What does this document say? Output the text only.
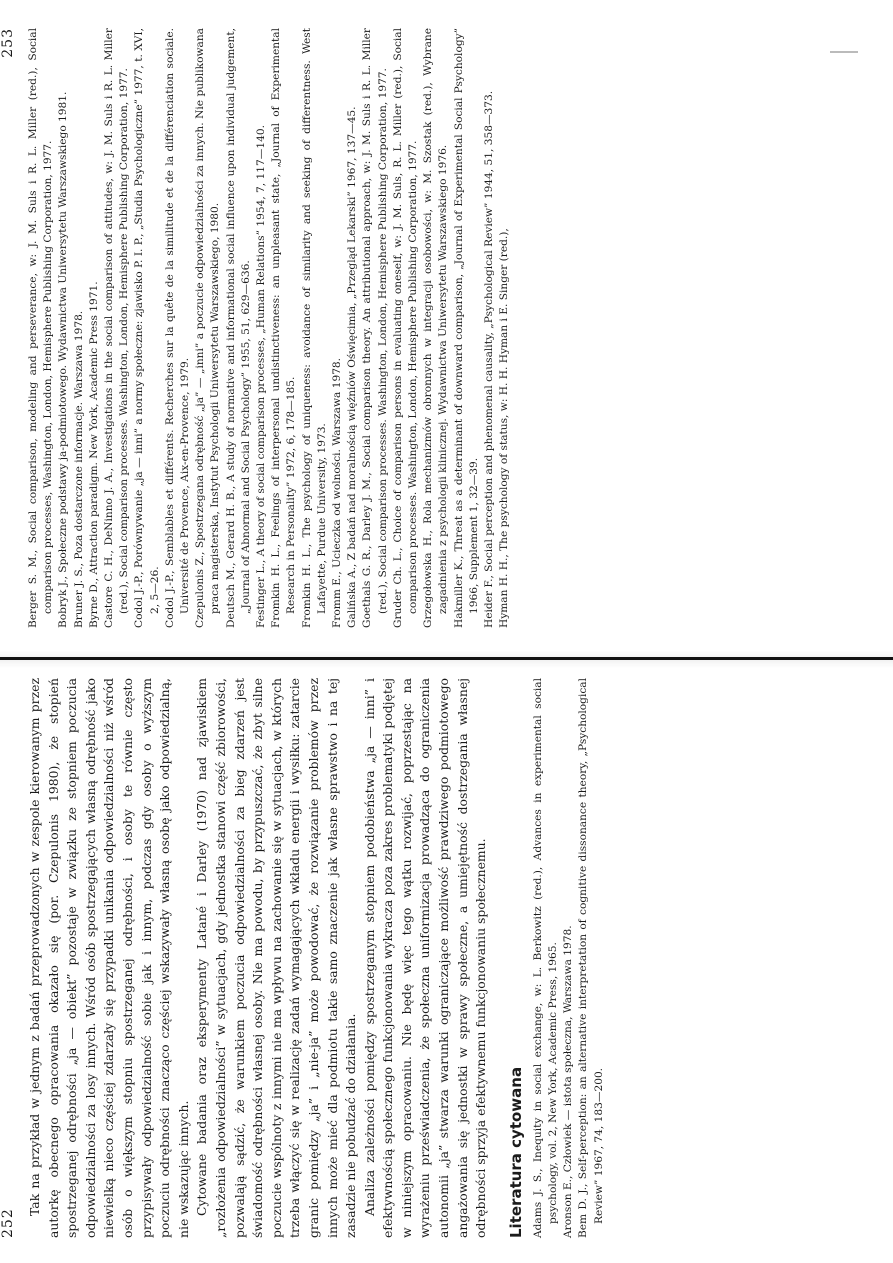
253 Berger S. M., Social comparison, modeling and perseverance, w: J. M. Suls i R. L. Miller (red.), Social comparison processes, Washington, London, Hemisphere Publishing Corporation, 1977. Bobryk J., Społeczne podstawy ja-podmiotowego. Wydawnictwa Uniwersytetu Warszawskiego 1981. Bruner J. S., Poza dostarczone informacje. Warszawa 1978. Byrne D., Attraction paradigm. New York, Academic Press 1971. Castore C. H., DeNinno J. A., Investigations in the social comparison of attitudes, w: J. M. Suls i R. L. Miller (red.), Social comparison processes. Washington, London, Hemisphere Publishing Corporation, 1977. Codol J.-P., Porównywanie „ja — inni” a normy społeczne: zjawisko P. I. P., „Studia Psychologiczne” 1977, t. XVI, 2, 5—26. Codol J.-P., Semblables et différents. Recherches sur la quête de la similitude et de la différenciation sociale. Université de Provence, Aix-en-Provence, 1979. Czepulonis Z., Spostrzegana odrębność „ja” — „inni” a poczucie odpowiedzialności za innych. Nie publikowana praca magisterska, Instytut Psychologii Uniwersytetu Warszawskiego, 1980. Deutsch M., Gerard H. B., A study of normative and informational social influence upon individual judgement, „Journal of Abnormal and Social Psychology” 1955, 51, 629—636. Festinger L., A theory of social comparison processes, „Human Relations” 1954, 7, 117—140. Fromkin H. L., Feelings of interpersonal undistinctiveness: an unpleasant state, „Journal of Experimental Research in Personality” 1972, 6, 178—185. Fromkin H. L., The psychology of uniqueness: avoidance of similarity and seeking of differentness. West Lafayette, Purdue University, 1973. Fromm E., Ucieczka od wolności. Warszawa 1978. Galińska A., Z badań nad moralnością więźniów Oświęcimia, „Przegląd Lekarski” 1967, 137—45. Goethals G. R., Darley J. M., Social comparison theory. An attributional approach, w: J. M. Suls i R. L. Miller (red.), Social comparison processes. Washington, London, Hemisphere Publishing Corporation, 1977. Gruder Ch. L., Choice of comparison persons in evaluating oneself, w: J. M. Suls, R. L. Miller (red.), Social comparison processes. Washington, London, Hemisphere Publishing Corporation, 1977. Grzegołowska H., Rola mechanizmów obronnych w integracji osobowości, w: M. Szostak (red.), Wybrane zagadnienia z psychologii klinicznej. Wydawnictwa Uniwersytetu Warszawskiego 1976. Hakmiller K., Threat as a determinant of downward comparison, „Journal of Experimental Social Psychology” 1966, Supplement 1, 32—39. Heider F., Social perception and phenomenal causality, „Psychological Review” 1944, 51, 358—373. Hyman H. H., The psychology of status, w: H. H. Hyman i E. Singer (red.),

252

Tak na przykład w jednym z badań przeprowadzonych w zespole kierowanym przez autorkę obecnego opracowania okazało się (por. Czepulonis 1980), że stopień spostrzeganej odrębności „ja — obiekt” pozostaje w związku ze stopniem poczucia odpowiedzialności za losy innych. Wśród osób spostrzegających własną odrębność jako niewielką nieco częściej zdarzały się przypadki unikania odpowiedzialności niż wśród osób o większym stopniu spostrzeganej odrębności, i osoby te równie często przypisywały odpowiedzialność sobie jak i innym, podczas gdy osoby o wyższym poczuciu odrębności znacząco częściej wskazywały własną osobę jako odpowiedzialną, nie wskazując innych. Cytowane badania oraz eksperymenty Latané i Darley (1970) nad zjawiskiem „rozłożenia odpowiedzialności” w sytuacjach, gdy jednostka stanowi część zbiorowości, pozwalają sądzić, że warunkiem poczucia odpowiedzialności za bieg zdarzeń jest świadomość odrębności własnej osoby. Nie ma powodu, by przypuszczać, że zbyt silne poczucie wspólnoty z innymi nie ma wpływu na zachowanie się w sytuacjach, w których trzeba włączyć się w realizację zadań wymagających wkładu energii i wysiłku: zatarcie granic pomiędzy „ja” i „nie-ja” może powodować, że rozwiązanie problemów przez innych może mieć dla podmiotu takie samo znaczenie jak własne sprawstwo i na tej zasadzie nie pobudzać do działania. Analiza zależności pomiędzy spostrzeganym stopniem podobieństwa „ja — inni” i efektywnością społecznego funkcjonowania wykracza poza zakres problematyki podjętej w niniejszym opracowaniu. Nie będę więc tego wątku rozwijać, poprzestając na wyrażeniu przeświadczenia, że społeczna uniformizacja prowadząca do ograniczenia autonomii „ja” stwarza warunki ograniczające możliwość prawdziwego podmiotowego angażowania się jednostki w sprawy społeczne, a umiejętność dostrzegania własnej odrębności sprzyja efektywnemu funkcjonowaniu społecznemu. Literatura cytowana Adams J. S., Inequity in social exchange, w: L. Berkowitz (red.), Advances in experimental social psychology, vol. 2, New York, Academic Press, 1965. Aronson E., Człowiek — istota społeczna, Warszawa 1978. Bem D. J., Self-perception: an alternative interpretation of cognitive dissonance theory, „Psychological Review” 1967, 74, 183—200.
